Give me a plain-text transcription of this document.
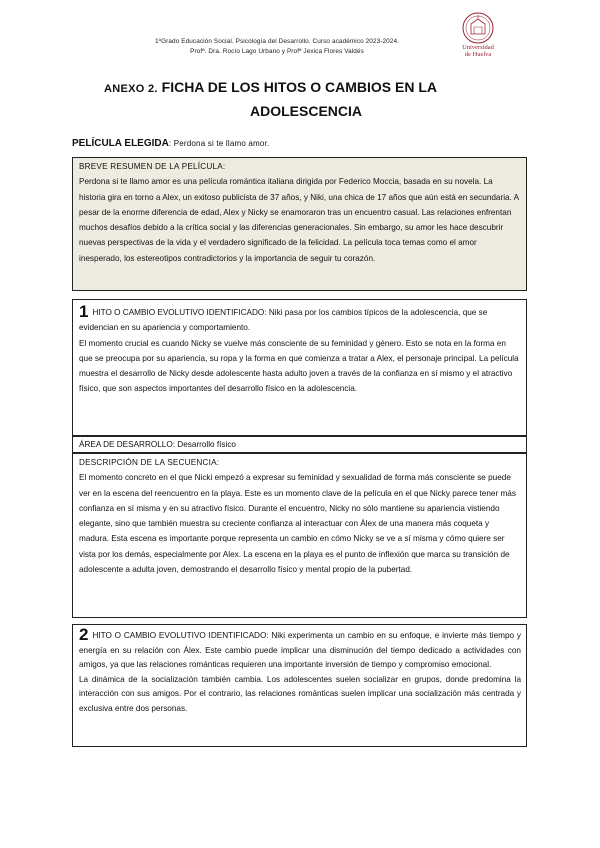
1ºGrado Educación Social. Psicología del Desarrollo. Curso académico 2023-2024.
Profª. Dra. Rocío Lago Urbano y Profª Jexica Flores Valdés
Universidad
de Huelva
ANEXO 2. FICHA DE LOS HITOS O CAMBIOS EN LA
ADOLESCENCIA
PELÍCULA ELEGIDA: Perdona si te llamo amor.
BREVE RESUMEN DE LA PELÍCULA:

Perdona si te llamo amor es una película romántica italiana dirigida por Federico Moccia, basada en su novela. La historia gira en torno a Alex, un exitoso publicista de 37 años, y Niki, una chica de 17 años que aún está en secundaria. A pesar de la enorme diferencia de edad, Alex y Nicky se enamoraron tras un encuentro casual. Las relaciones enfrentan muchos desafíos debido a la crítica social y las diferencias generacionales. Sin embargo, su amor les hace descubrir nuevas perspectivas de la vida y el verdadero significado de la felicidad. La película toca temas como el amor inesperado, los estereotipos contradictorios y la importancia de seguir tu corazón.

1 HITO O CAMBIO EVOLUTIVO IDENTIFICADO: Niki pasa por los cambios típicos de la adolescencia, que se evidencian en su apariencia y comportamiento.

El momento crucial es cuando Nicky se vuelve más consciente de su feminidad y género. Esto se nota en la forma en que se preocupa por su apariencia, su ropa y la forma en que comienza a tratar a Alex, el personaje principal. La película muestra el desarrollo de Nicky desde adolescente hasta adulto joven a través de la confianza en sí mismo y el atractivo físico, que son aspectos importantes del desarrollo físico en la adolescencia.

ÁREA DE DESARROLLO: Desarrollo físico
DESCRIPCIÓN DE LA SECUENCIA:

El momento concreto en el que Nicki empezó a expresar su feminidad y sexualidad de forma más consciente se puede ver en la escena del reencuentro en la playa. Este es un momento clave de la película en el que Nicky parece tener más confianza en sí misma y en su atractivo físico. Durante el encuentro, Nicky no sólo mantiene su apariencia vistiendo elegante, sino que también muestra su creciente confianza al interactuar con Álex de una manera más coqueta y madura. Esta escena es importante porque representa un cambio en cómo Nicky se ve a sí misma y cómo quiere ser vista por los demás, especialmente por Alex. La escena en la playa es el punto de inflexión que marca su transición de adolescente a adulta joven, demostrando el desarrollo físico y mental propio de la pubertad.

2 HITO O CAMBIO EVOLUTIVO IDENTIFICADO: Niki experimenta un cambio en su enfoque, e invierte más tiempo y energía en su relación con Álex. Este cambio puede implicar una disminución del tiempo dedicado a actividades con amigos, ya que las relaciones románticas requieren una importante inversión de tiempo y compromiso emocional.

La dinámica de la socialización también cambia. Los adolescentes suelen socializar en grupos, donde predomina la interacción con sus amigos. Por el contrario, las relaciones románticas suelen implicar una socialización más centrada y exclusiva entre dos personas.
